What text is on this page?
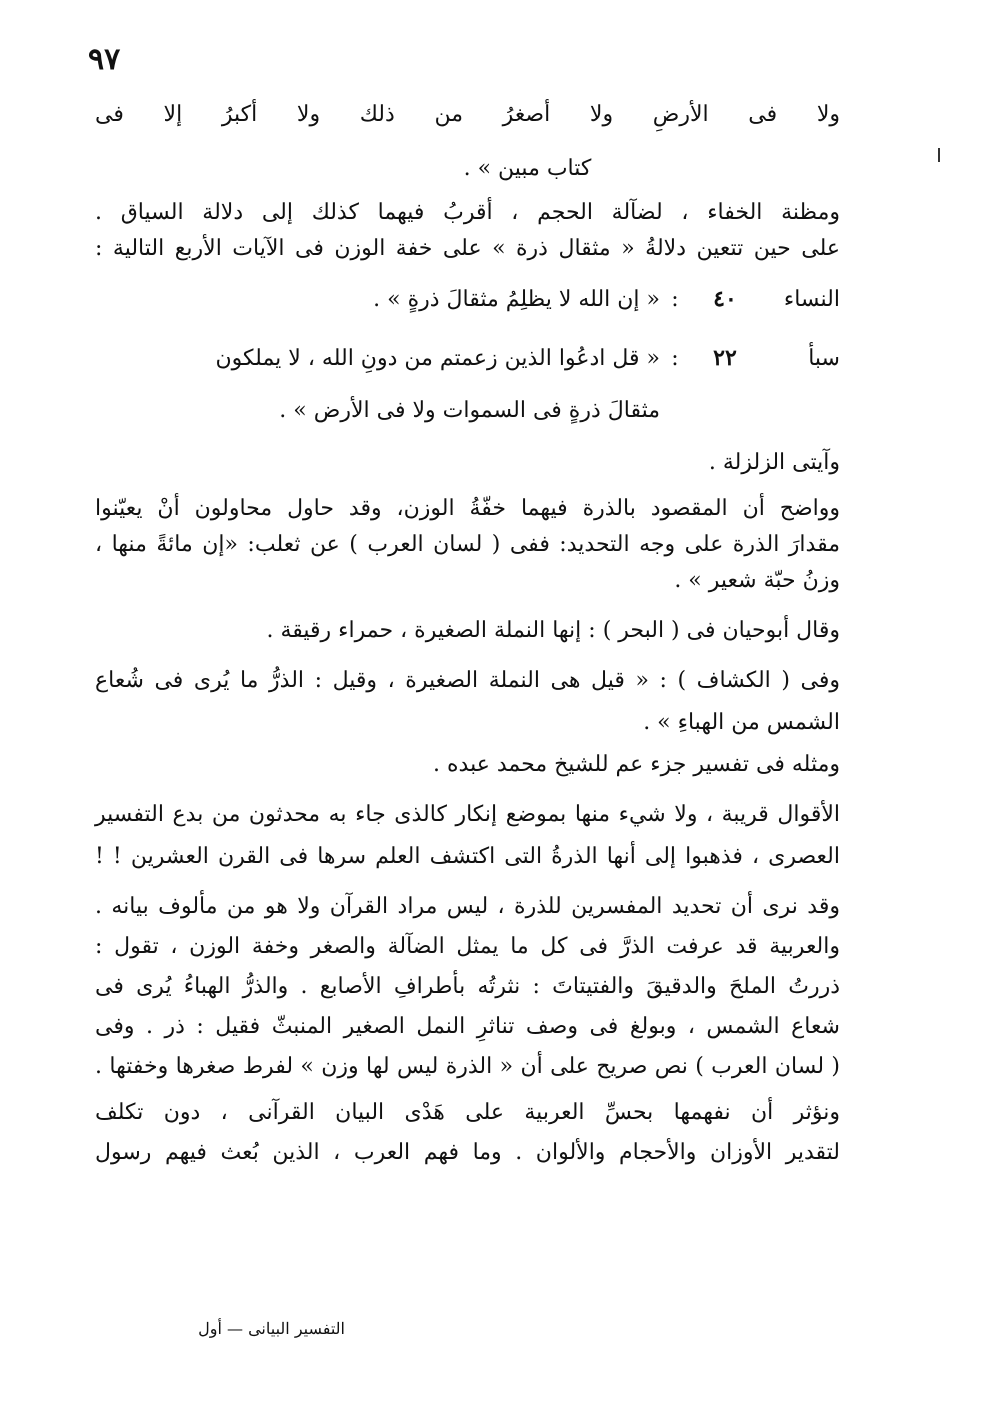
٩٧
ولا فى الأرضِ ولا أصغرُ من ذلك ولا أكبرُ إلا فى
كتاب مبين » .
ومظنة الخفاء ، لضآلة الحجم ، أقربُ فيهما كذلك إلى دلالة السياق .
على حين تتعين دلالةُ « مثقال ذرة » على خفة الوزن فى الآيات الأربع التالية :
النساء
٤٠
:
« إن الله لا يظلِمُ مثقالَ ذرةٍ » .
سبأ
٢٢
:
« قل ادعُوا الذين زعمتم من دونِ الله ، لا يملكون
مثقالَ ذرةٍ فى السموات ولا فى الأرض » .
وآيتى الزلزلة .
وواضح أن المقصود بالذرة فيهما خفّةُ الوزن، وقد حاول محاولون أنْ يعيّنوا
مقدارَ الذرة على وجه التحديد: ففى ( لسان العرب ) عن ثعلب: «إن مائةً منها ،
وزنُ حبّة شعير » .
وقال أبوحيان فى ( البحر ) : إنها النملة الصغيرة ، حمراء رقيقة .
وفى ( الكشاف ) : « قيل هى النملة الصغيرة ، وقيل : الذرُّ ما يُرى فى شُعاع
الشمس من الهباءِ » .
ومثله فى تفسير جزء عم للشيخ محمد عبده .
الأقوال قريبة ، ولا شيء منها بموضع إنكار كالذى جاء به محدثون من بدع التفسير
العصرى ، فذهبوا إلى أنها الذرةُ التى اكتشف العلم سرها فى القرن العشرين ! !
وقد نرى أن تحديد المفسرين للذرة ، ليس مراد القرآن ولا هو من مألوف بيانه .
والعربية قد عرفت الذرَّ فى كل ما يمثل الضآلة والصغر وخفة الوزن ، تقول :
ذررتُ الملحَ والدقيقَ والفتيتاتَ : نثرتُه بأطرافِ الأصابع . والذرُّ الهباءُ يُرى فى
شعاع الشمس ، وبولغ فى وصف تناثرِ النمل الصغير المنبثّ فقيل : ذر . وفى
( لسان العرب ) نص صريح على أن « الذرة ليس لها وزن » لفرط صغرها وخفتها .
ونؤثر أن نفهمها بحسِّ العربية على هَدْى البيان القرآنى ، دون تكلف
لتقدير الأوزان والأحجام والألوان . وما فهم العرب ، الذين بُعث فيهم رسول
التفسير البيانى — أول
